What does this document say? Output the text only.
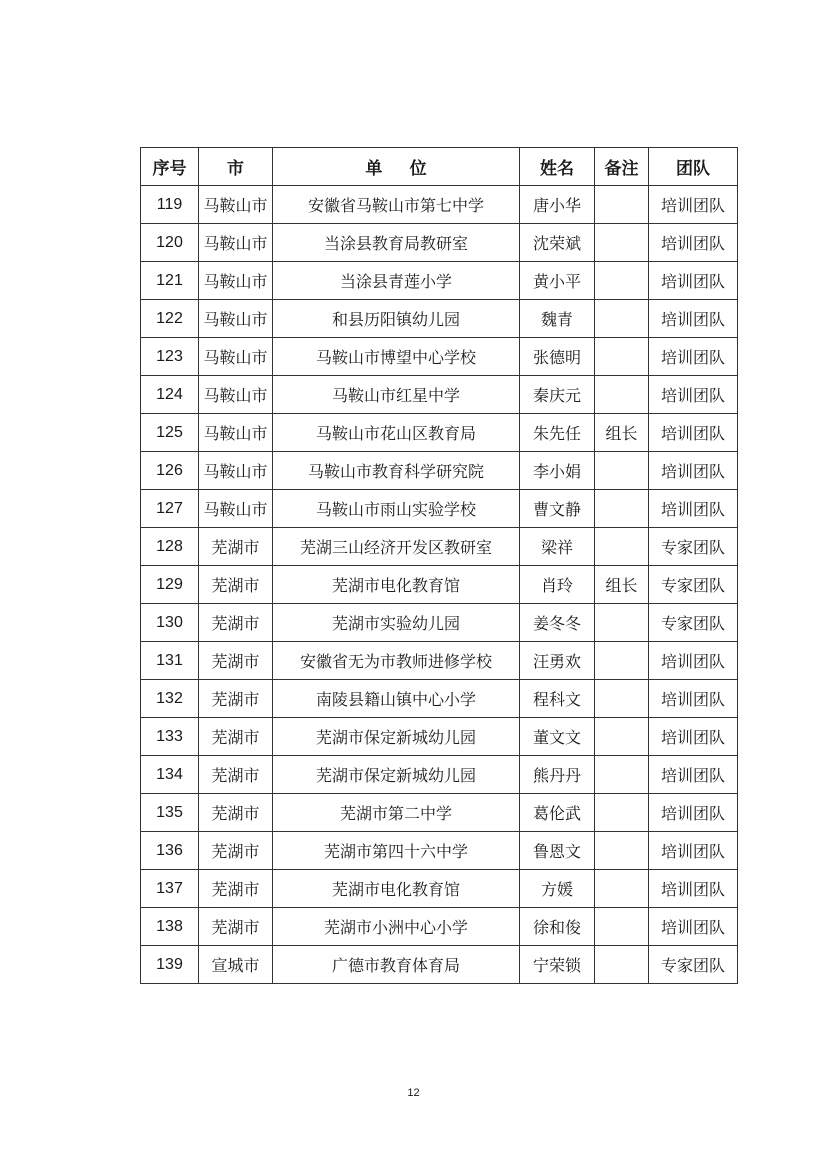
序号	市	单位	姓名	备注	团队
119	马鞍山市	安徽省马鞍山市第七中学	唐小华		培训团队
120	马鞍山市	当涂县教育局教研室	沈荣斌		培训团队
121	马鞍山市	当涂县青莲小学	黄小平		培训团队
122	马鞍山市	和县历阳镇幼儿园	魏青		培训团队
123	马鞍山市	马鞍山市博望中心学校	张德明		培训团队
124	马鞍山市	马鞍山市红星中学	秦庆元		培训团队
125	马鞍山市	马鞍山市花山区教育局	朱先任	组长	培训团队
126	马鞍山市	马鞍山市教育科学研究院	李小娟		培训团队
127	马鞍山市	马鞍山市雨山实验学校	曹文静		培训团队
128	芜湖市	芜湖三山经济开发区教研室	梁祥		专家团队
129	芜湖市	芜湖市电化教育馆	肖玲	组长	专家团队
130	芜湖市	芜湖市实验幼儿园	姜冬冬		专家团队
131	芜湖市	安徽省无为市教师进修学校	汪勇欢		培训团队
132	芜湖市	南陵县籍山镇中心小学	程科文		培训团队
133	芜湖市	芜湖市保定新城幼儿园	董文文		培训团队
134	芜湖市	芜湖市保定新城幼儿园	熊丹丹		培训团队
135	芜湖市	芜湖市第二中学	葛伦武		培训团队
136	芜湖市	芜湖市第四十六中学	鲁恩文		培训团队
137	芜湖市	芜湖市电化教育馆	方媛		培训团队
138	芜湖市	芜湖市小洲中心小学	徐和俊		培训团队
139	宣城市	广德市教育体育局	宁荣锁		专家团队
12
